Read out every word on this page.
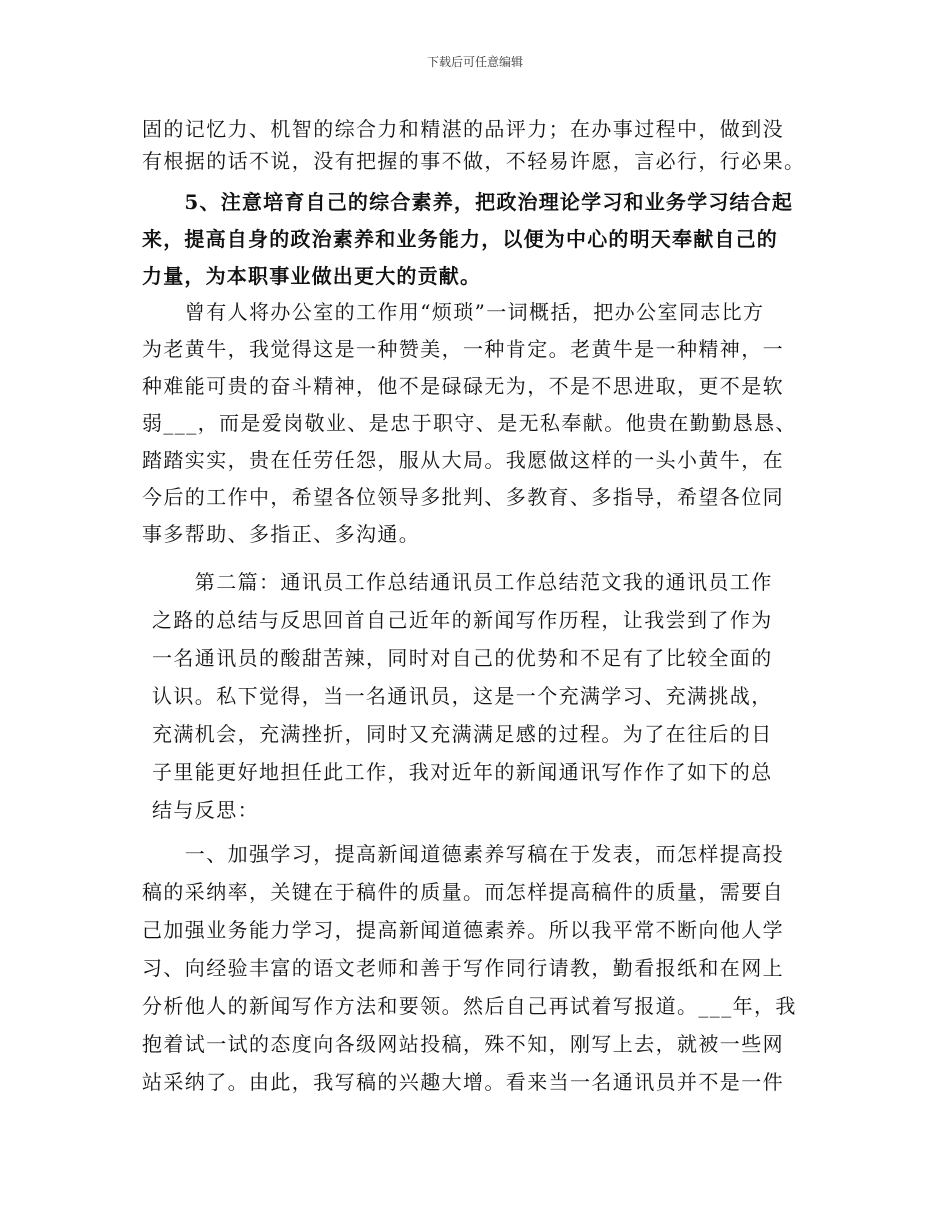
下载后可任意编辑
固的记忆力、机智的综合力和精湛的品评力；在办事过程中，做到没
有根据的话不说，没有把握的事不做，不轻易许愿，言必行，行必果。
　　5、注意培育自己的综合素养，把政治理论学习和业务学习结合起
来，提高自身的政治素养和业务能力，以便为中心的明天奉献自己的
力量，为本职事业做出更大的贡献。
　　曾有人将办公室的工作用“烦琐”一词概括，把办公室同志比方
为老黄牛，我觉得这是一种赞美，一种肯定。老黄牛是一种精神，一
种难能可贵的奋斗精神，他不是碌碌无为，不是不思进取，更不是软
弱___，而是爱岗敬业、是忠于职守、是无私奉献。他贵在勤勤恳恳、
踏踏实实，贵在任劳任怨，服从大局。我愿做这样的一头小黄牛，在
今后的工作中，希望各位领导多批判、多教育、多指导，希望各位同
事多帮助、多指正、多沟通。
　　第二篇：通讯员工作总结通讯员工作总结范文我的通讯员工作
之路的总结与反思回首自己近年的新闻写作历程，让我尝到了作为
一名通讯员的酸甜苦辣，同时对自己的优势和不足有了比较全面的
认识。私下觉得，当一名通讯员，这是一个充满学习、充满挑战，
充满机会，充满挫折，同时又充满满足感的过程。为了在往后的日
子里能更好地担任此工作，我对近年的新闻通讯写作作了如下的总
结与反思：
　　一、加强学习，提高新闻道德素养写稿在于发表，而怎样提高投
稿的采纳率，关键在于稿件的质量。而怎样提高稿件的质量，需要自
己加强业务能力学习，提高新闻道德素养。所以我平常不断向他人学
习、向经验丰富的语文老师和善于写作同行请教，勤看报纸和在网上
分析他人的新闻写作方法和要领。然后自己再试着写报道。___年，我
抱着试一试的态度向各级网站投稿，殊不知，刚写上去，就被一些网
站采纳了。由此，我写稿的兴趣大增。看来当一名通讯员并不是一件
